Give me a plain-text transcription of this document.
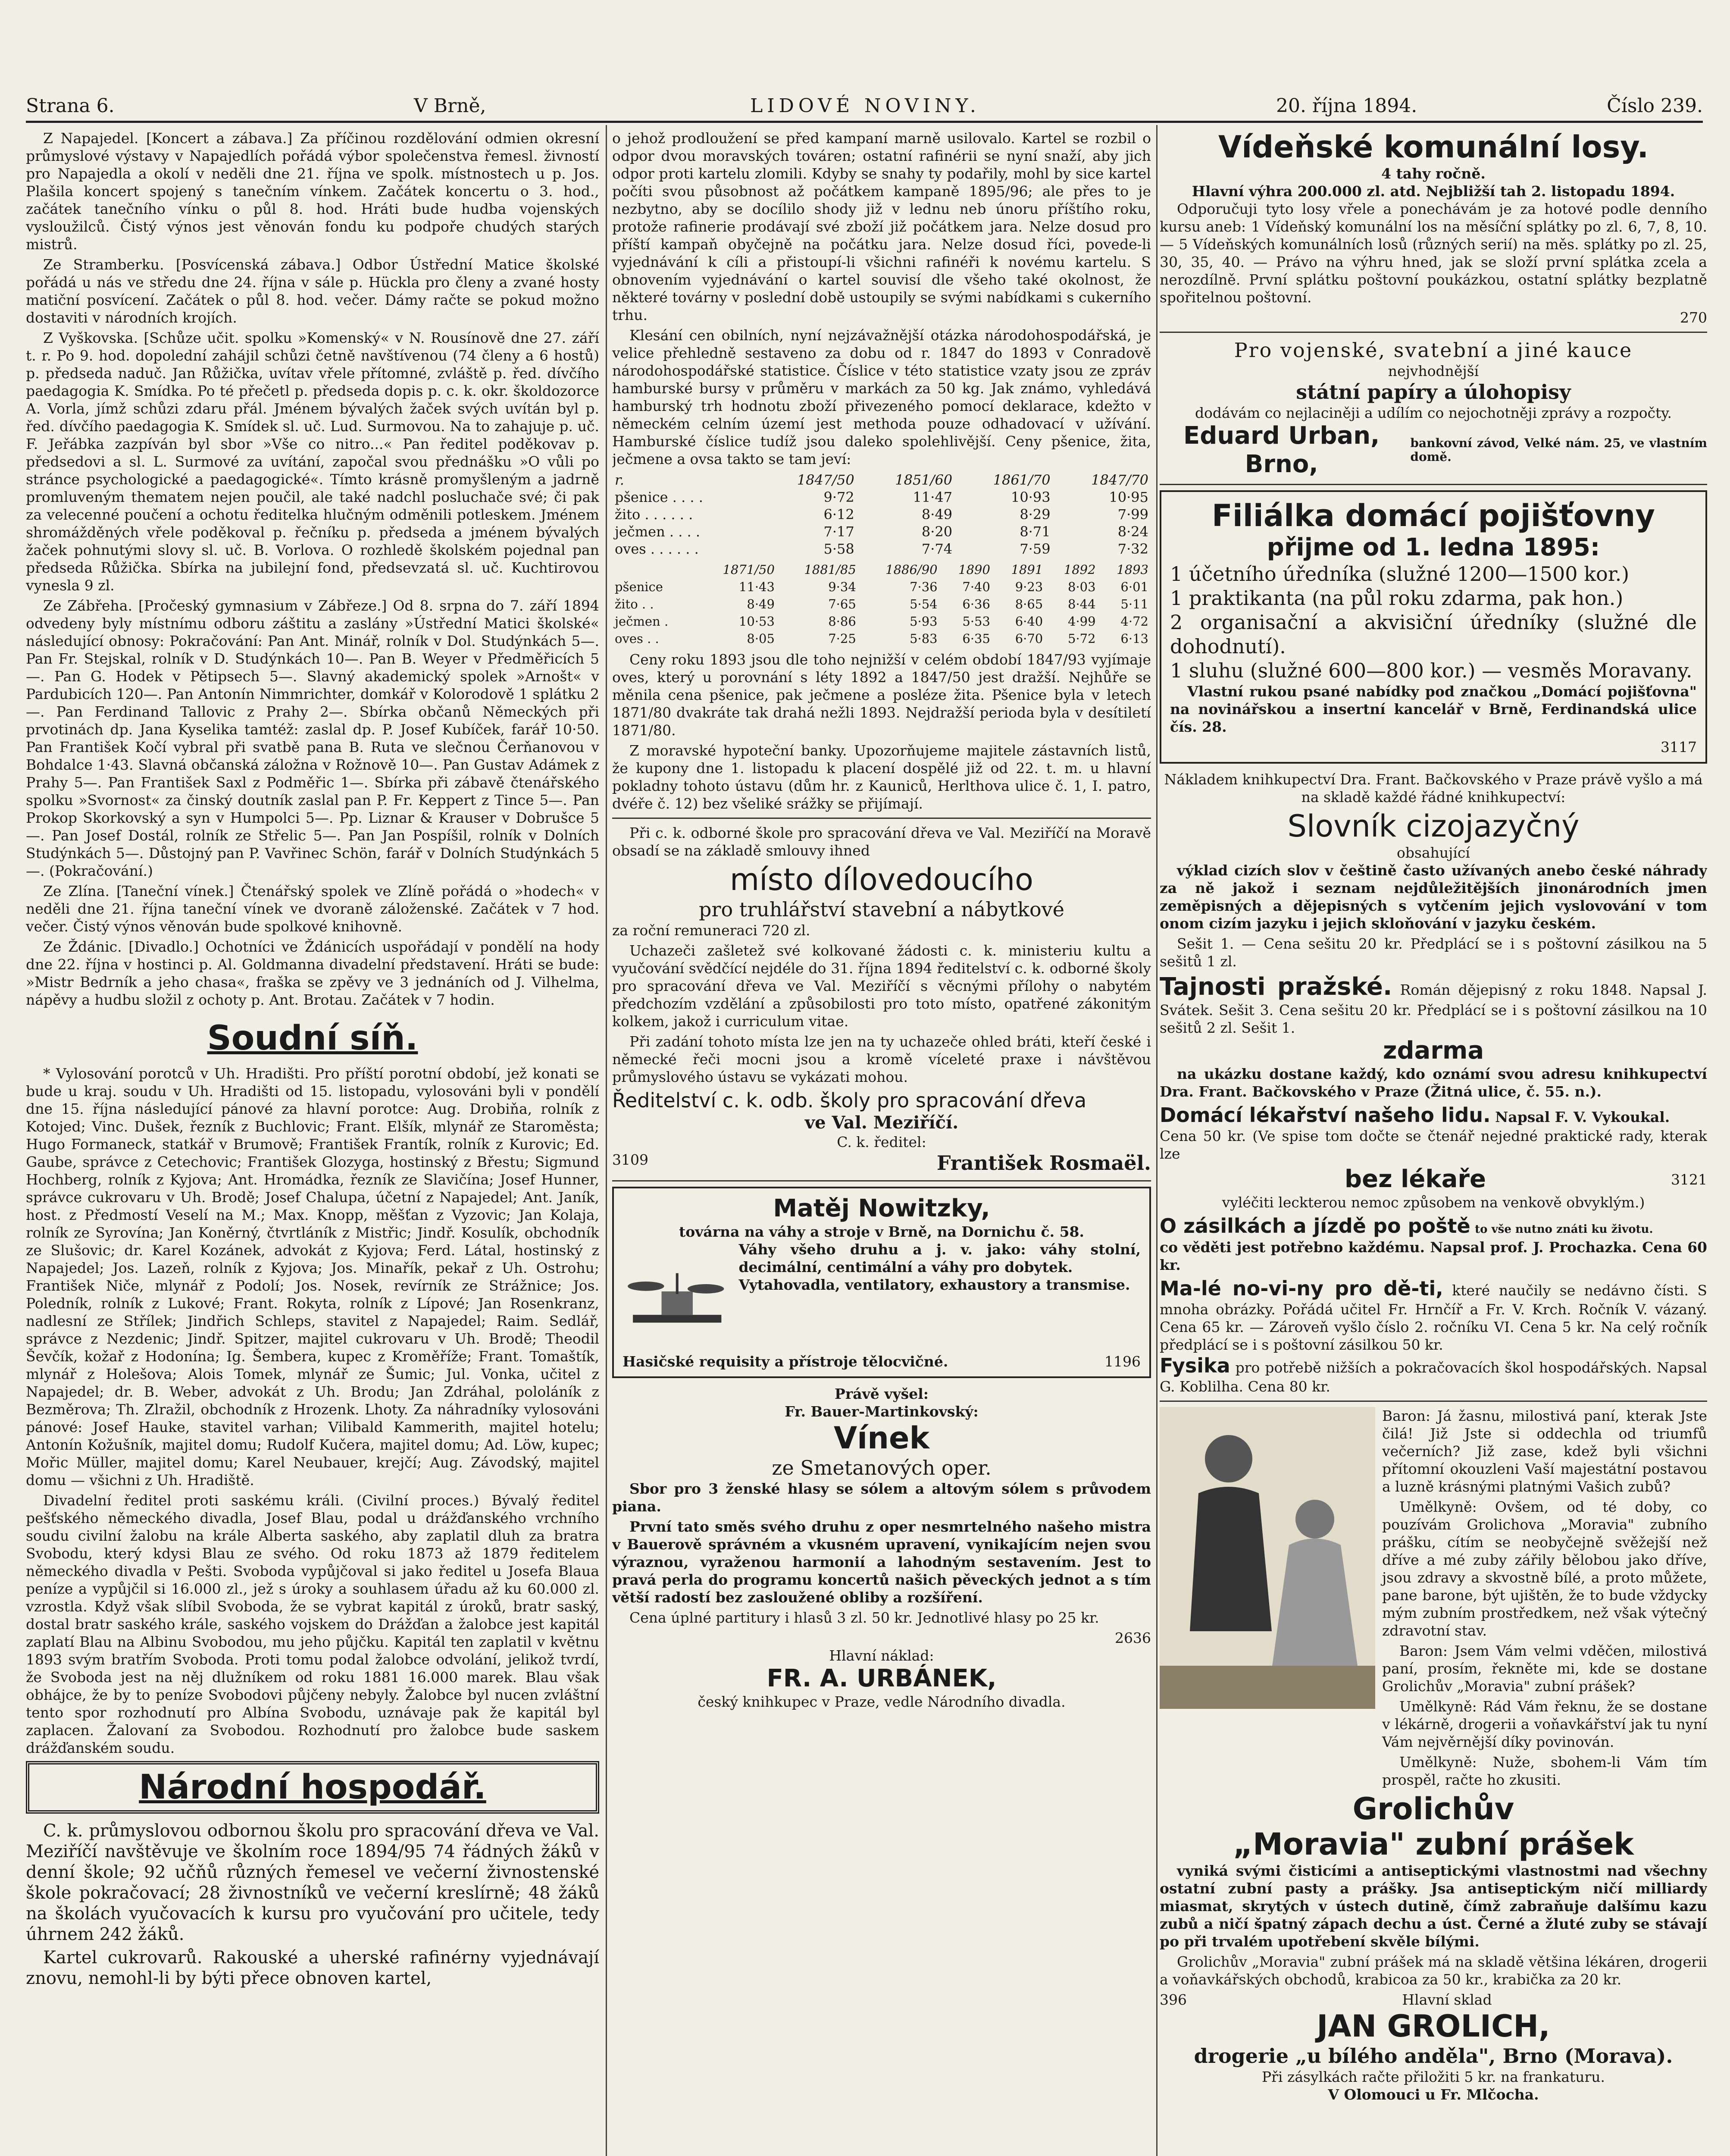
Strana 6.	V Brně,	LIDOVÉ NOVINY.	20. října 1894.	Číslo 239.

Z Napajedel. [Koncert a zábava.] Za příčinou rozdělování odmien okresní průmyslové výstavy v Napajedlích pořádá výbor společenstva řemesl. živností pro Napajedla a okolí v neděli dne 21. října ve spolk. místnostech u p. Jos. Plašila koncert spojený s tanečním vínkem. Začátek koncertu o 3. hod., začátek tanečního vínku o půl 8. hod. Hráti bude hudba vojenských vysloužilců. Čistý výnos jest věnován fondu ku podpoře chudých starých mistrů.

Ze Stramberku. [Posvícenská zábava.] Odbor Ústřední Matice školské pořádá u nás ve středu dne 24. října v sále p. Hückla pro členy a zvané hosty matiční posvícení. Začátek o půl 8. hod. večer. Dámy račte se pokud možno dostaviti v národních krojích.

Z Vyškovska. [Schůze učit. spolku »Komenský« v N. Rousínově dne 27. září t. r. Po 9. hod. dopolední zahájil schůzi četně navštívenou (74 členy a 6 hostů) p. předseda naduč. Jan Růžička, uvítav vřele přítomné, zvláště p. řed. dívčího paedagogia K. Smídka. Po té přečetl p. předseda dopis p. c. k. okr. školdozorce A. Vorla, jímž schůzi zdaru přál. Jménem bývalých žaček svých uvítán byl p. řed. dívčího paedagogia K. Smídek sl. uč. Lud. Surmovou. Na to zahajuje p. uč. F. Jeřábka zazpíván byl sbor »Vše co nitro...« Pan ředitel poděkovav p. předsedovi a sl. L. Surmové za uvítání, započal svou přednášku »O vůli po stránce psychologické a paedagogické«. Tímto krásně promyšleným a jadrně promluveným thematem nejen poučil, ale také nadchl posluchače své; či pak za velecenné poučení a ochotu ředitelka hlučným odměnili potleskem. Jménem shromážděných vřele poděkoval p. řečníku p. předseda a jménem bývalých žaček pohnutými slovy sl. uč. B. Vorlova. O rozhledě školském pojednal pan předseda Růžička. Sbírka na jubilejní fond, předsevzatá sl. uč. Kuchtirovou vynesla 9 zl.

Ze Zábřeha. [Pročeský gymnasium v Zábřeze.] Od 8. srpna do 7. září 1894 odvedeny byly místnímu odboru záštitu a zaslány »Ústřední Matici školské« následující obnosy: Pokračování: Pan Ant. Minář, rolník v Dol. Studýnkách 5—. Pan Fr. Stejskal, rolník v D. Studýnkách 10—. Pan B. Weyer v Předměřicích 5—. Pan G. Hodek v Pětipsech 5—. Slavný akademický spolek »Arnošt« v Pardubicích 120—. Pan Antonín Nimmrichter, domkář v Kolorodově 1 splátku 2—. Pan Ferdinand Tallovic z Prahy 2—. Sbírka občanů Německých při prvotinách dp. Jana Kyselika tamtéž: zaslal dp. P. Josef Kubíček, farář 10·50. Pan František Kočí vybral při svatbě pana B. Ruta ve slečnou Čerňanovou v Bohdalce 1·43. Slavná občanská záložna v Rožnově 10—. Pan Gustav Adámek z Prahy 5—. Pan František Saxl z Podměřic 1—. Sbírka při zábavě čtenářského spolku »Svornost« za činský doutník zaslal pan P. Fr. Keppert z Tince 5—. Pan Prokop Skorkovský a syn v Humpolci 5—. Pp. Liznar & Krauser v Dobrušce 5—. Pan Josef Dostál, rolník ze Střelic 5—. Pan Jan Pospíšil, rolník v Dolních Studýnkách 5—. Důstojný pan P. Vavřinec Schön, farář v Dolních Studýnkách 5—. (Pokračování.)

Ze Zlína. [Taneční vínek.] Čtenářský spolek ve Zlíně pořádá o »hodech« v neděli dne 21. října taneční vínek ve dvoraně záloženské. Začátek v 7 hod. večer. Čistý výnos věnován bude spolkové knihovně.

Ze Ždánic. [Divadlo.] Ochotníci ve Ždánicích uspořádají v pondělí na hody dne 22. října v hostinci p. Al. Goldmanna divadelní představení. Hráti se bude: »Mistr Bedrník a jeho chasa«, fraška se zpěvy ve 3 jednáních od J. Vilhelma, nápěvy a hudbu složil z ochoty p. Ant. Brotau. Začátek v 7 hodin.

Soudní síň.

* Vylosování porotců v Uh. Hradišti. Pro příští porotní období, jež konati se bude u kraj. soudu v Uh. Hradišti od 15. listopadu, vylosováni byli v pondělí dne 15. října následující pánové za hlavní porotce: Aug. Drobiňa, rolník z Kotojed; Vinc. Dušek, řezník z Buchlovic; Frant. Elšík, mlynář ze Staroměsta; Hugo Formaneck, statkář v Brumově; František Frantík, rolník z Kurovic; Ed. Gaube, správce z Cetechovic; František Glozyga, hostinský z Břestu; Sigmund Hochberg, rolník z Kyjova; Ant. Hromádka, řezník ze Slavičína; Josef Hunner, správce cukrovaru v Uh. Brodě; Josef Chalupa, účetní z Napajedel; Ant. Janík, host. z Předmostí Veselí na M.; Max. Knopp, měšťan z Vyzovic; Jan Kolaja, rolník ze Syrovína; Jan Koněrný, čtvrtláník z Mistřic; Jindř. Kosulík, obchodník ze Slušovic; dr. Karel Kozánek, advokát z Kyjova; Ferd. Látal, hostinský z Napajedel; Jos. Lazeň, rolník z Kyjova; Jos. Minařík, pekař z Uh. Ostrohu; František Niče, mlynář z Podolí; Jos. Nosek, revírník ze Strážnice; Jos. Poledník, rolník z Lukové; Frant. Rokyta, rolník z Lípové; Jan Rosenkranz, nadlesní ze Střílek; Jindřich Schleps, stavitel z Napajedel; Raim. Sedlář, správce z Nezdenic; Jindř. Spitzer, majitel cukrovaru v Uh. Brodě; Theodil Ševčík, kožař z Hodonína; Ig. Šembera, kupec z Kroměříže; Frant. Tomaštík, mlynář z Holešova; Alois Tomek, mlynář ze Šumic; Jul. Vonka, učitel z Napajedel; dr. B. Weber, advokát z Uh. Brodu; Jan Zdráhal, pololáník z Bezměrova; Th. Zlražil, obchodník z Hrozenk. Lhoty. Za náhradníky vylosováni pánové: Josef Hauke, stavitel varhan; Vilibald Kammerith, majitel hotelu; Antonín Kožušník, majitel domu; Rudolf Kučera, majitel domu; Ad. Löw, kupec; Mořic Müller, majitel domu; Karel Neubauer, krejčí; Aug. Závodský, majitel domu — všichni z Uh. Hradiště.

Divadelní ředitel proti saskému králi. (Civilní proces.) Bývalý ředitel pešťského německého divadla, Josef Blau, podal u drážďanského vrchního soudu civilní žalobu na krále Alberta saského, aby zaplatil dluh za bratra Svobodu, který kdysi Blau ze svého. Od roku 1873 až 1879 ředitelem německého divadla v Pešti. Svoboda vypůjčoval si jako ředitel u Josefa Blaua peníze a vypůjčil si 16.000 zl., jež s úroky a souhlasem úřadu až ku 60.000 zl. vzrostla. Když však slíbil Svoboda, že se vybrat kapitál z úroků, bratr saský, dostal bratr saského krále, saského vojskem do Drážďan a žalobce jest kapitál zaplatí Blau na Albinu Svobodou, mu jeho půjčku. Kapitál ten zaplatil v květnu 1893 svým bratřím Svoboda. Proti tomu podal žalobce odvolání, jelikož tvrdí, že Svoboda jest na něj dlužníkem od roku 1881 16.000 marek. Blau však obhájce, že by to peníze Svobodovi půjčeny nebyly. Žalobce byl nucen zvláštní tento spor rozhodnutí pro Albína Svobodu, uznávaje pak že kapitál byl zaplacen. Žalovaní za Svobodou. Rozhodnutí pro žalobce bude saskem drážďanském soudu.

Národní hospodář.

C. k. průmyslovou odbornou školu pro spracování dřeva ve Val. Meziříčí navštěvuje ve školním roce 1894/95 74 řádných žáků v denní škole; 92 učňů různých řemesel ve večerní živnostenské škole pokračovací; 28 živnostníků ve večerní kreslírně; 48 žáků na školách vyučovacích k kursu pro vyučování pro učitele, tedy úhrnem 242 žáků.

Kartel cukrovarů. Rakouské a uherské rafinérny vyjednávají znovu, nemohl-li by býti přece obnoven kartel,

o jehož prodloužení se před kampaní marně usilovalo. Kartel se rozbil o odpor dvou moravských továren; ostatní rafinérii se nyní snaží, aby jich odpor proti kartelu zlomili. Kdyby se snahy ty podařily, mohl by sice kartel počíti svou působnost až počátkem kampaně 1895/96; ale přes to je nezbytno, aby se docílilo shody již v lednu neb únoru příštího roku, protože rafinerie prodávají své zboží již počátkem jara. Nelze dosud pro příští kampaň obyčejně na počátku jara. Nelze dosud říci, povede-li vyjednávání k cíli a přistoupí-li všichni rafinéři k novému kartelu. S obnovením vyjednávání o kartel souvisí dle všeho také okolnost, že některé továrny v poslední době ustoupily se svými nabídkami s cukerního trhu.

Klesání cen obilních, nyní nejzávažnější otázka národohospodářská, je velice přehledně sestaveno za dobu od r. 1847 do 1893 v Conradově národohospodářské statistice. Číslice v této statistice vzaty jsou ze zpráv hamburské bursy v průměru v markách za 50 kg. Jak známo, vyhledává hamburský trh hodnotu zboží přivezeného pomocí deklarace, kdežto v německém celním území jest methoda pouze odhadovací v užívání. Hamburské číslice tudíž jsou daleko spolehlivější. Ceny pšenice, žita, ječmene a ovsa takto se tam jeví:

r.	1847/50	1851/60	1861/70	1847/70
pšenice . . . .	9·72	11·47	10·93	10·95
žito . . . . . .	6·12	8·49	8·29	7·99
ječmen . . . .	7·17	8·20	8·71	8·24
oves . . . . . .	5·58	7·74	7·59	7·32
	1871/50	1881/85	1886/90	1890	1891	1892	1893
pšenice	11·43	9·34	7·36	7·40	9·23	8·03	6·01
žito . .	8·49	7·65	5·54	6·36	8·65	8·44	5·11
ječmen .	10·53	8·86	5·93	5·53	6·40	4·99	4·72
oves . .	8·05	7·25	5·83	6·35	6·70	5·72	6·13

Ceny roku 1893 jsou dle toho nejnižší v celém období 1847/93 vyjímaje oves, který u porovnání s léty 1892 a 1847/50 jest dražší. Nejhůře se měnila cena pšenice, pak ječmene a posléze žita. Pšenice byla v letech 1871/80 dvakráte tak drahá nežli 1893. Nejdražší perioda byla v desítiletí 1871/80.

Z moravské hypoteční banky. Upozorňujeme majitele zástavních listů, že kupony dne 1. listopadu k placení dospělé již od 22. t. m. u hlavní pokladny tohoto ústavu (dům hr. z Kauniců, Herlthova ulice č. 1, I. patro, dvéře č. 12) bez všeliké srážky se přijímají.

Při c. k. odborné škole pro spracování dřeva ve Val. Meziříčí na Moravě obsadí se na základě smlouvy ihned

místo dílovedoucího
pro truhlářství stavební a nábytkové

za roční remuneraci 720 zl.

Uchazeči zašletež své kolkované žádosti c. k. ministeriu kultu a vyučování svědčící nejdéle do 31. října 1894 ředitelství c. k. odborné školy pro spracování dřeva ve Val. Meziříčí s věcnými přílohy o nabytém předchozím vzdělání a způsobilosti pro toto místo, opatřené zákonitým kolkem, jakož i curriculum vitae.

Při zadání tohoto místa lze jen na ty uchazeče ohled bráti, kteří české i německé řeči mocni jsou a kromě víceleté praxe i návštěvou průmyslového ústavu se vykázati mohou.

Ředitelství c. k. odb. školy pro spracování dřeva
ve Val. Meziříčí.
C. k. ředitel:
3109	František Rosmaël.
Matěj Nowitzky,
továrna na váhy a stroje v Brně, na Dornichu č. 58.
Váhy všeho druhu a j. v. jako: váhy stolní, decimální, centimální a váhy pro dobytek.
Vytahovadla, ventilatory, exhaustory a transmise.
Hasičské requisity a přístroje tělocvičné.	1196
Právě vyšel:
Fr. Bauer-Martinkovský:
Vínek
ze Smetanových oper.

Sbor pro 3 ženské hlasy se sólem a altovým sólem s průvodem piana.

První tato směs svého druhu z oper nesmrtelného našeho mistra v Bauerově správném a vkusném upravení, vynikajícím nejen svou výraznou, vyraženou harmonií a lahodným sestavením. Jest to pravá perla do programu koncertů našich pěveckých jednot a s tím větší radostí bez zasloužené obliby a rozšíření.

Cena úplné partitury i hlasů 3 zl. 50 kr. Jednotlivé hlasy po 25 kr.

2636
Hlavní náklad:
FR. A. URBÁNEK,
český knihkupec v Praze, vedle Národního divadla.
Vídeňské komunální losy.
4 tahy ročně.
Hlavní výhra 200.000 zl. atd. Nejbližší tah 2. listopadu 1894.

Odporučuji tyto losy vřele a ponechávám je za hotové podle denního kursu aneb: 1 Vídeňský komunální los na měsíční splátky po zl. 6, 7, 8, 10. — 5 Vídeňských komunálních losů (různých serií) na měs. splátky po zl. 25, 30, 35, 40. — Právo na výhru hned, jak se složí první splátka zcela a nerozdílně. První splátku poštovní poukázkou, ostatní splátky bezplatně spořitelnou poštovní.

270
Pro vojenské, svatební a jiné kauce
nejvhodnější
státní papíry a úlohopisy
dodávám co nejlaciněji a udílím co nejochotněji zprávy a rozpočty.
Eduard Urban, Brno,
bankovní závod, Velké nám. 25, ve vlastním domě.
Filiálka domácí pojišťovny
přijme od 1. ledna 1895:
1 účetního úředníka (služné 1200—1500 kor.)
1 praktikanta (na půl roku zdarma, pak hon.)
2 organisační a akvisiční úředníky (služné dle dohodnutí).
1 sluhu (služné 600—800 kor.) — vesměs Moravany.

Vlastní rukou psané nabídky pod značkou „Domácí pojišťovna" na novinářskou a insertní kancelář v Brně, Ferdinandská ulice čís. 28.

3117

Nákladem knihkupectví Dra. Frant. Bačkovského v Praze právě vyšlo a má na skladě každé řádné knihkupectví:

Slovník cizojazyčný
obsahující

výklad cizích slov v češtině často užívaných anebo české náhrady za ně jakož i seznam nejdůležitějších jinonárodních jmen zeměpisných a dějepisných s vytčením jejich vyslovování v tom onom cizím jazyku i jejich skloňování v jazyku českém.

Sešit 1. — Cena sešitu 20 kr. Předplácí se i s poštovní zásilkou na 5 sešitů 1 zl.

Tajnosti pražské. Román dějepisný z roku 1848. Napsal J. Svátek. Sešit 3. Cena sešitu 20 kr. Předplácí se i s poštovní zásilkou na 10 sešitů 2 zl. Sešit 1.
zdarma

na ukázku dostane každý, kdo oznámí svou adresu knihkupectví Dra. Frant. Bačkovského v Praze (Žitná ulice, č. 55. n.).

Domácí lékařství našeho lidu. Napsal F. V. Vykoukal.

Cena 50 kr. (Ve spise tom dočte se čtenář nejedné praktické rady, kterak lze

bez lékaře	3121

vyléčiti leckterou nemoc způsobem na venkově obvyklým.)

O zásilkách a jízdě po poště to vše nutno znáti ku životu.

co věděti jest potřebno každému. Napsal prof. J. Prochazka. Cena 60 kr.

Ma-lé no-vi-ny pro dě-ti, které naučily se nedávno čísti. S mnoha obrázky. Pořádá učitel Fr. Hrnčíř a Fr. V. Krch. Ročník V. vázaný. Cena 65 kr. — Zároveň vyšlo číslo 2. ročníku VI. Cena 5 kr. Na celý ročník předplácí se i s poštovní zásilkou 50 kr.
Fysika pro potřebě nižších a pokračovacích škol hospodářských. Napsal G. Koblilha. Cena 80 kr.

Baron: Já žasnu, milostivá paní, kterak Jste čilá! Již Jste si oddechla od triumfů večerních? Již zase, kdež byli všichni přítomní okouzleni Vaší majestátní postavou a luzně krásnými platnými Vašich zubů?

Umělkyně: Ovšem, od té doby, co pouzívám Grolichova „Moravia" zubního prášku, cítím se neobyčejně svěžejší než dříve a mé zuby zářily bělobou jako dříve, jsou zdravy a skvostně bílé, a proto můžete, pane barone, být ujištěn, že to bude vždycky mým zubním prostředkem, než však výtečný zdravotní stav.

Baron: Jsem Vám velmi vděčen, milostivá paní, prosím, řekněte mi, kde se dostane Grolichův „Moravia" zubní prášek?

Umělkyně: Rád Vám řeknu, že se dostane v lékárně, drogerii a voňavkářství jak tu nyní Vám nejvěrnější díky povinován.

Umělkyně: Nuže, sbohem-li Vám tím prospěl, račte ho zkusiti.

Grolichův
„Moravia" zubní prášek

vyniká svými čisticími a antiseptickými vlastnostmi nad všechny ostatní zubní pasty a prášky. Jsa antiseptickým ničí milliardy miasmat, skrytých v ústech dutině, čímž zabraňuje dalšímu kazu zubů a ničí špatný zápach dechu a úst. Černé a žluté zuby se stávají po při trvalém upotřebení skvěle bílými.

Grolichův „Moravia" zubní prášek má na skladě většina lékáren, drogerii a voňavkářských obchodů, krabicoa za 50 kr., krabička za 20 kr.

396	Hlavní sklad
JAN GROLICH,
drogerie „u bílého anděla", Brno (Morava).
Při zásylkách račte přiložiti 5 kr. na frankaturu.
V Olomouci u Fr. Mlčocha.
